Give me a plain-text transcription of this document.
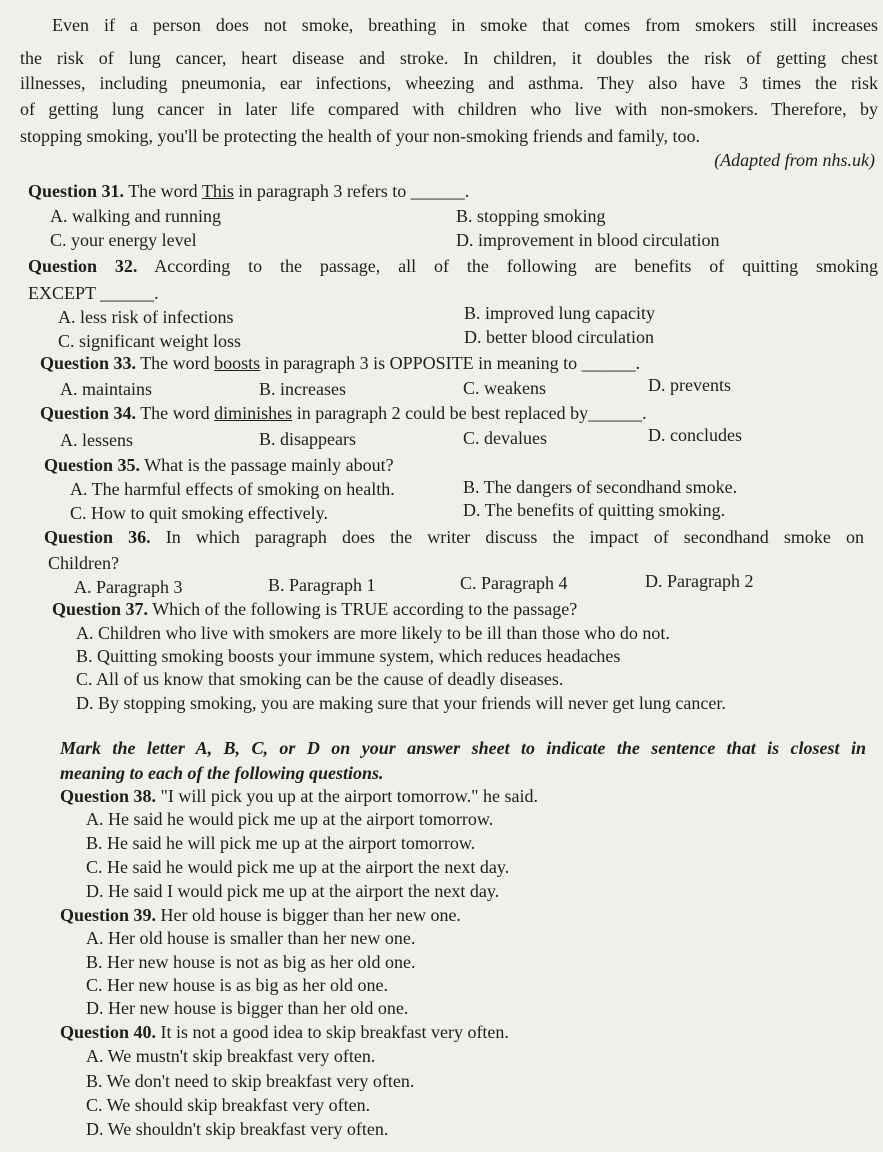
Even if a person does not smoke, breathing in smoke that comes from smokers still increases
the risk of lung cancer, heart disease and stroke. In children, it doubles the risk of getting chest
illnesses, including pneumonia, ear infections, wheezing and asthma. They also have 3 times the risk
of getting lung cancer in later life compared with children who live with non-smokers. Therefore, by
stopping smoking, you'll be protecting the health of your non-smoking friends and family, too.
(Adapted from nhs.uk)
Question 31. The word This in paragraph 3 refers to ______.
A. walking and running	B. stopping smoking
C. your energy level	D. improvement in blood circulation
Question 32. According to the passage, all of the following are benefits of quitting smoking
EXCEPT ______.
A. less risk of infections	B. improved lung capacity
C. significant weight loss	D. better blood circulation
Question 33. The word boosts in paragraph 3 is OPPOSITE in meaning to ______.
A. maintains	B. increases	C. weakens	D. prevents
Question 34. The word diminishes in paragraph 2 could be best replaced by______.
A. lessens	B. disappears	C. devalues	D. concludes
Question 35. What is the passage mainly about?
A. The harmful effects of smoking on health.	B. The dangers of secondhand smoke.
C. How to quit smoking effectively.	D. The benefits of quitting smoking.
Question 36. In which paragraph does the writer discuss the impact of secondhand smoke on
Children?
A. Paragraph 3	B. Paragraph 1	C. Paragraph 4	D. Paragraph 2
Question 37. Which of the following is TRUE according to the passage?
A. Children who live with smokers are more likely to be ill than those who do not.
B. Quitting smoking boosts your immune system, which reduces headaches
C. All of us know that smoking can be the cause of deadly diseases.
D. By stopping smoking, you are making sure that your friends will never get lung cancer.
Mark the letter A, B, C, or D on your answer sheet to indicate the sentence that is closest in
meaning to each of the following questions.
Question 38. "I will pick you up at the airport tomorrow." he said.
A. He said he would pick me up at the airport tomorrow.
B. He said he will pick me up at the airport tomorrow.
C. He said he would pick me up at the airport the next day.
D. He said I would pick me up at the airport the next day.
Question 39. Her old house is bigger than her new one.
A. Her old house is smaller than her new one.
B. Her new house is not as big as her old one.
C. Her new house is as big as her old one.
D. Her new house is bigger than her old one.
Question 40. It is not a good idea to skip breakfast very often.
A. We mustn't skip breakfast very often.
B. We don't need to skip breakfast very often.
C. We should skip breakfast very often.
D. We shouldn't skip breakfast very often.
